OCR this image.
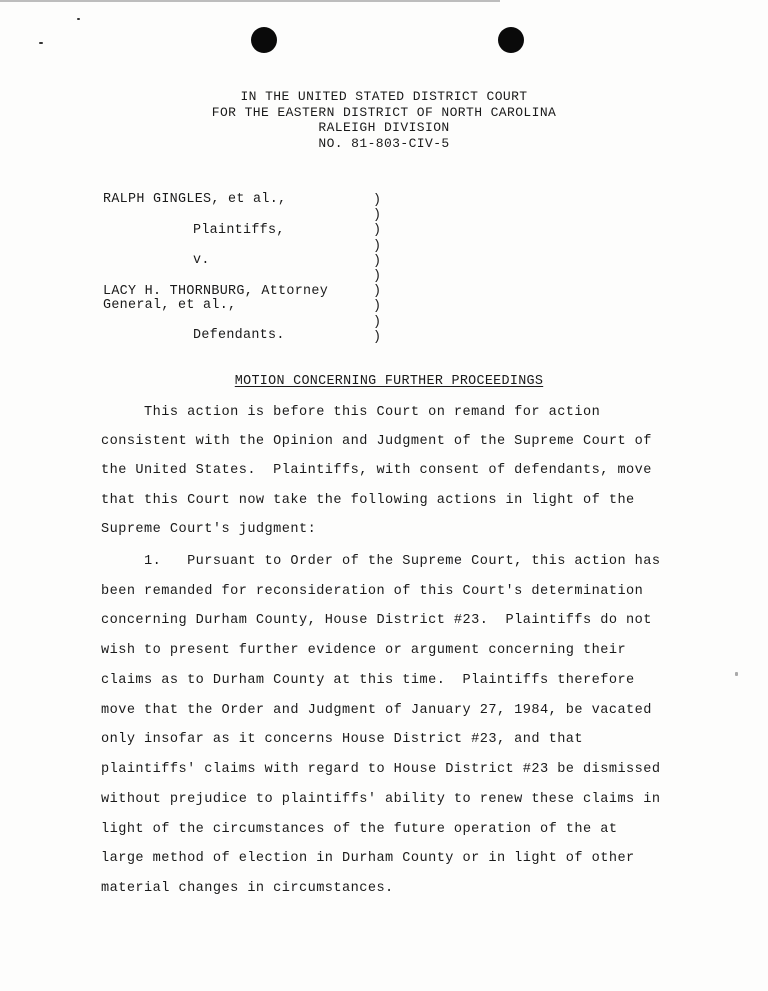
IN THE UNITED STATED DISTRICT COURT
FOR THE EASTERN DISTRICT OF NORTH CAROLINA
RALEIGH DIVISION
NO. 81-803-CIV-5
RALPH GINGLES, et al.,
Plaintiffs,
v.
LACY H. THORNBURG, Attorney
General, et al.,
Defendants.
)
)
)
)
)
)
)
)
)
)
MOTION CONCERNING FURTHER PROCEEDINGS
This action is before this Court on remand for action
consistent with the Opinion and Judgment of the Supreme Court of
the United States.  Plaintiffs, with consent of defendants, move
that this Court now take the following actions in light of the
Supreme Court's judgment:
1.   Pursuant to Order of the Supreme Court, this action has
been remanded for reconsideration of this Court's determination
concerning Durham County, House District #23.  Plaintiffs do not
wish to present further evidence or argument concerning their
claims as to Durham County at this time.  Plaintiffs therefore
move that the Order and Judgment of January 27, 1984, be vacated
only insofar as it concerns House District #23, and that
plaintiffs' claims with regard to House District #23 be dismissed
without prejudice to plaintiffs' ability to renew these claims in
light of the circumstances of the future operation of the at
large method of election in Durham County or in light of other
material changes in circumstances.
